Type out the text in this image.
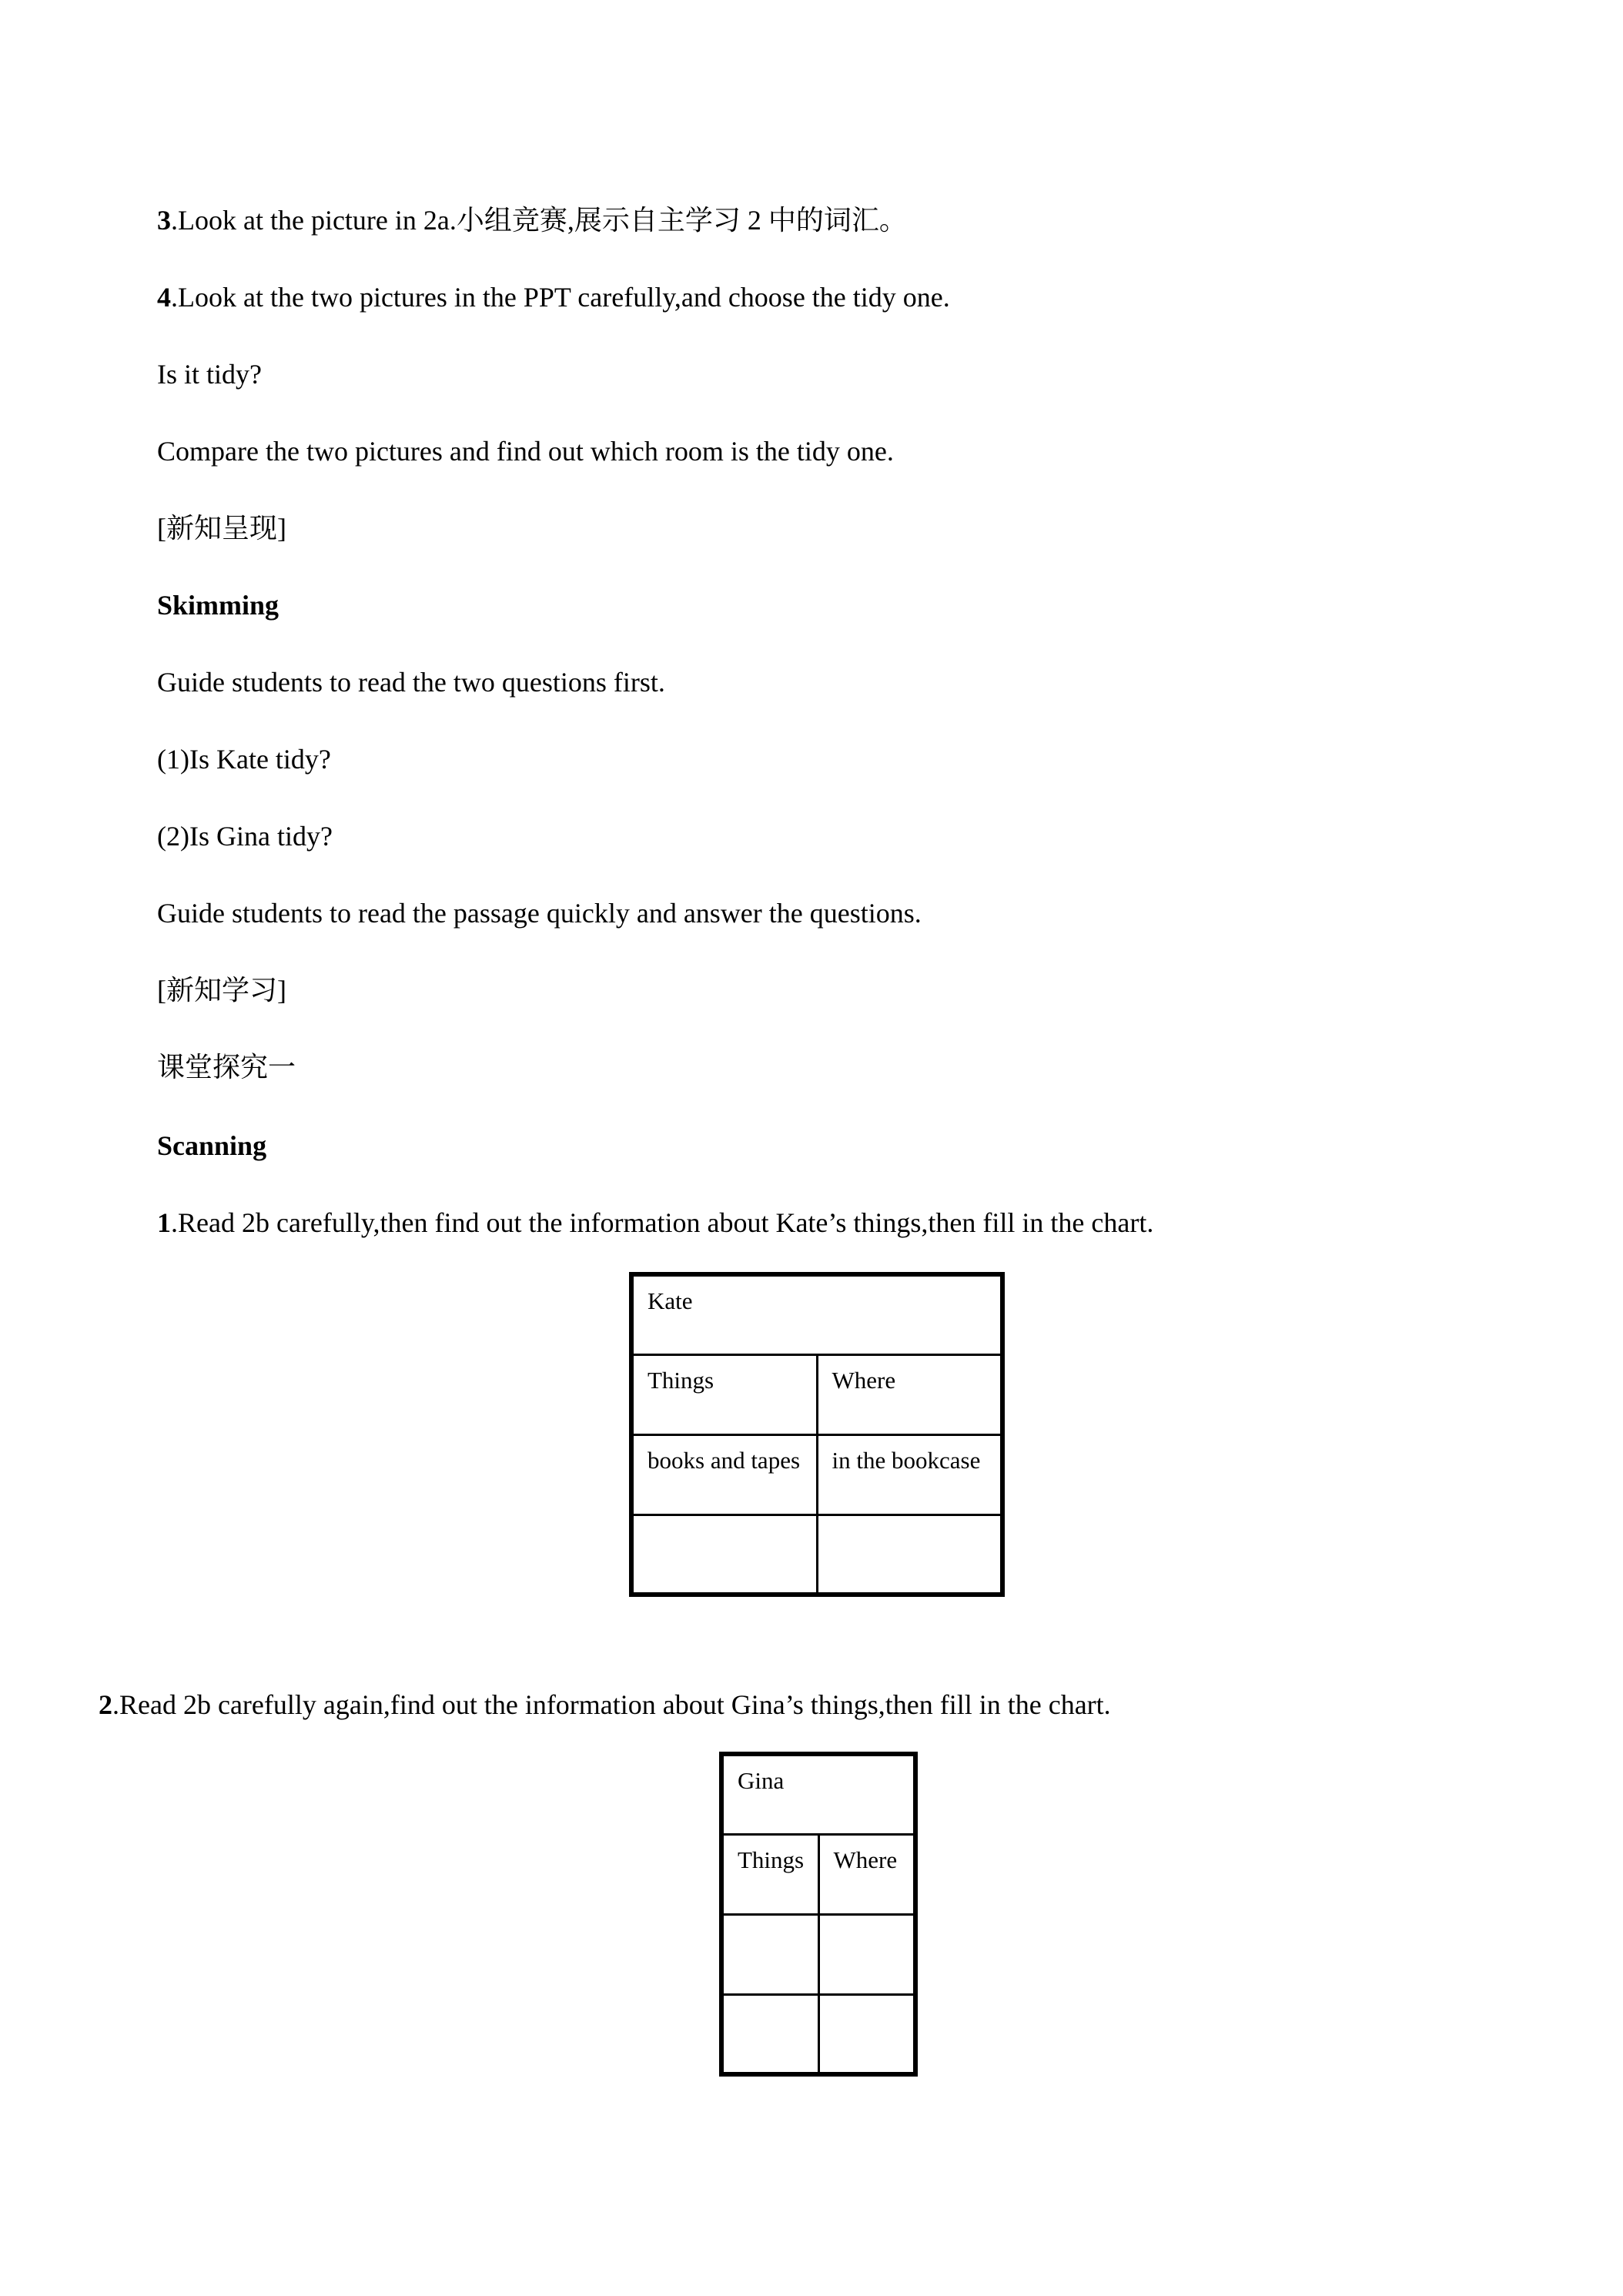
3.Look at the picture in 2a.小组竞赛,展示自主学习 2 中的词汇。

4.Look at the two pictures in the PPT carefully,and choose the tidy one.

Is it tidy?

Compare the two pictures and find out which room is the tidy one.

[新知呈现]

Skimming

Guide students to read the two questions first.

(1)Is Kate tidy?

(2)Is Gina tidy?

Guide students to read the passage quickly and answer the questions.

[新知学习]

课堂探究一

Scanning

1.Read 2b carefully,then find out the information about Kate’s things,then fill in the chart.

Kate	
Things	Where
books and tapes	in the bookcase

2.Read 2b carefully again,find out the information about Gina’s things,then fill in the chart.

Gina	
Things	Where
